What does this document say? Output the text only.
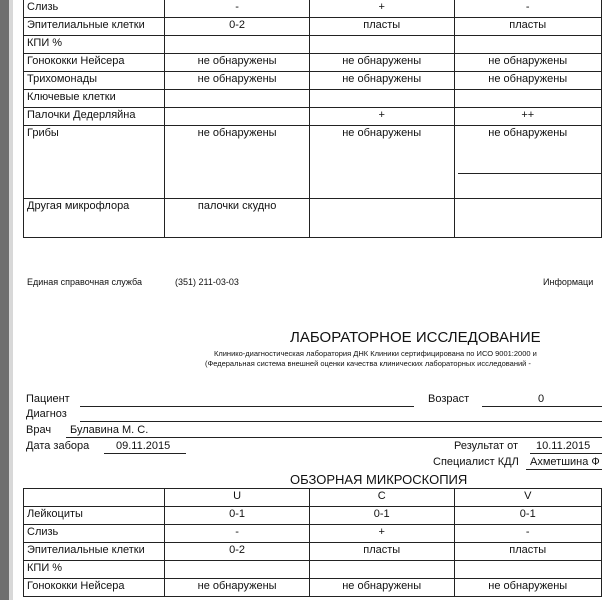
Слизь	-	+	-
Эпителиальные клетки	0-2	пласты	пласты
КПИ %			
Гонококки Нейсера	не обнаружены	не обнаружены	не обнаружены
Трихомонады	не обнаружены	не обнаружены	не обнаружены
Ключевые клетки			
Палочки Дедерляйна		+	++
Грибы	не обнаружены	не обнаружены	не обнаружены

Другая микрофлора	палочки скудно		
Единая справочная служба	(351) 211-03-03	Информаци
ЛАБОРАТОРНОЕ ИССЛЕДОВАНИЕ
Клинико-диагностическая лаборатория ДНК Клиники сертифицирована по ИСО 9001:2000 и
(Федеральная система внешней оценки качества клинических лабораторных исследований -
Пациент	Возраст	0
Диагноз
Врач Булавина М. С.
Дата забора 09.11.2015	Результат от 10.11.2015
Специалист КДЛ Ахметшина Ф
ОБЗОРНАЯ МИКРОСКОПИЯ
	U	C	V
Лейкоциты	0-1	0-1	0-1
Слизь	-	+	-
Эпителиальные клетки	0-2	пласты	пласты
КПИ %			
Гонококки Нейсера	не обнаружены	не обнаружены	не обнаружены
